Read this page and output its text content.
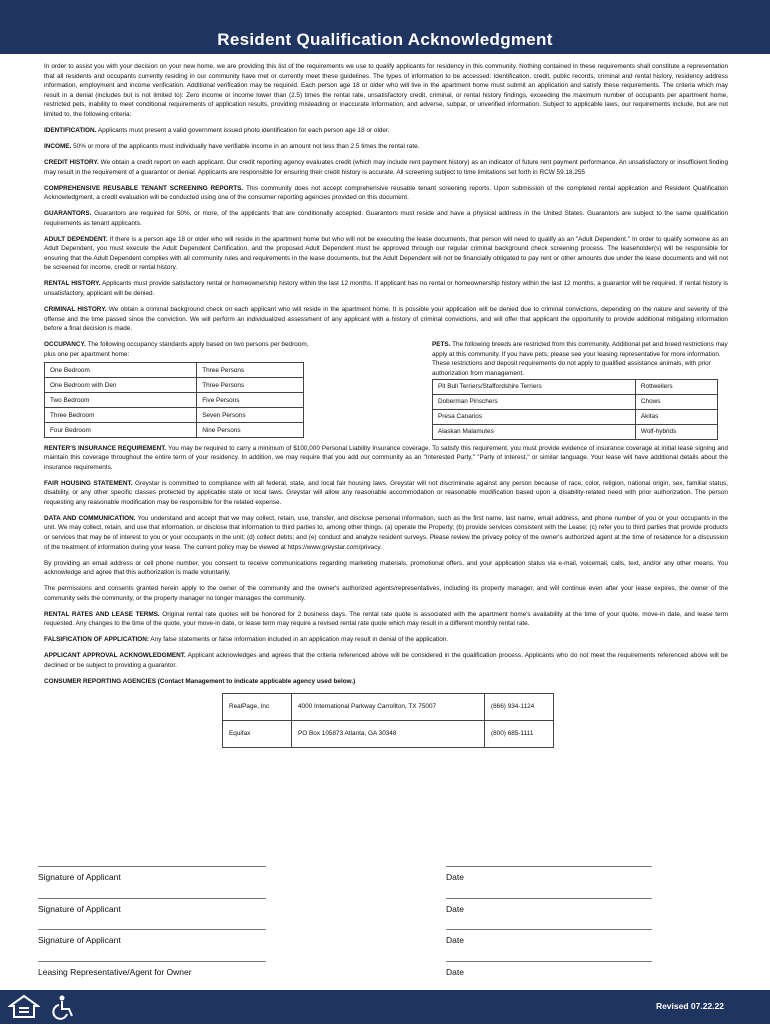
Resident Qualification Acknowledgment

In order to assist you with your decision on your new home, we are providing this list of the requirements we use to qualify applicants for residency in this community. Nothing contained in these requirements shall constitute a representation that all residents and occupants currently residing in our community have met or currently meet these guidelines. The types of information to be accessed: Identification, credit, public records, criminal and rental history, residency address information, employment and income verification. Additional verification may be required. Each person age 18 or older who will live in the apartment home must submit an application and satisfy these requirements. The criteria which may result in a denial (includes but is not limited to): Zero income or income lower than (2.5) times the rental rate, unsatisfactory credit, criminal, or rental history findings, exceeding the maximum number of occupants per apartment home, restricted pets, inability to meet conditional requirements of application results, providing misleading or inaccurate information, and adverse, subpar, or unverified information. Subject to applicable laws, our requirements include, but are not limited to, the following criteria:

IDENTIFICATION. Applicants must present a valid government issued photo identification for each person age 18 or older.

INCOME. 50% or more of the applicants must individually have verifiable income in an amount not less than 2.5 times the rental rate.

CREDIT HISTORY. We obtain a credit report on each applicant. Our credit reporting agency evaluates credit (which may include rent payment history) as an indicator of future rent payment performance. An unsatisfactory or insufficient finding may result in the requirement of a guarantor or denial. Applicants are responsible for ensuring their credit history is accurate. All screening subject to time limitations set forth in RCW 59.18.255

COMPREHENSIVE REUSABLE TENANT SCREENING REPORTS. This community does not accept comprehensive reusable tenant screening reports. Upon submission of the completed rental application and Resident Qualification Acknowledgment, a credit evaluation will be conducted using one of the consumer reporting agencies provided on this document.

GUARANTORS. Guarantors are required for 50%, or more, of the applicants that are conditionally accepted. Guarantors must reside and have a physical address in the United States. Guarantors are subject to the same qualification requirements as tenant applicants.

ADULT DEPENDENT. If there is a person age 18 or older who will reside in the apartment home but who will not be executing the lease documents, that person will need to qualify as an "Adult Dependent." In order to qualify someone as an Adult Dependent, you must execute the Adult Dependent Certification, and the proposed Adult Dependent must be approved through our regular criminal background check screening process. The leaseholder(s) will be responsible for ensuring that the Adult Dependent complies with all community rules and requirements in the lease documents, but the Adult Dependent will not be financially obligated to pay rent or other amounts due under the lease documents and will not be screened for income, credit or rental history.

RENTAL HISTORY. Applicants must provide satisfactory rental or homeownership history within the last 12 months. If applicant has no rental or homeownership history within the last 12 months, a guarantor will be required. If rental history is unsatisfactory, applicant will be denied.

CRIMINAL HISTORY. We obtain a criminal background check on each applicant who will reside in the apartment home. It is possible your application will be denied due to criminal convictions, depending on the nature and severity of the offense and the time passed since the conviction. We will perform an individualized assessment of any applicant with a history of criminal convictions, and will offer that applicant the opportunity to provide additional mitigating information before a final decision is made.

OCCUPANCY. The following occupancy standards apply based on two persons per bedroom, plus one per apartment home:
One Bedroom	Three Persons
One Bedroom with Den	Three Persons
Two Bedroom	Five Persons
Three Bedroom	Seven Persons
Four Bedroom	Nine Persons
PETS. The following breeds are restricted from this community. Additional pet and breed restrictions may apply at this community. If you have pets, please see your leasing representative for more information. These restrictions and deposit requirements do not apply to qualified assistance animals, with prior authorization from management.
Pit Bull Terriers/Staffordshire Terriers	Rottweilers
Doberman Pinschers	Chows
Presa Canarios	Akitas
Alaskan Malamutes	Wolf-hybrids

RENTER'S INSURANCE REQUIREMENT. You may be required to carry a minimum of $100,000 Personal Liability Insurance coverage. To satisfy this requirement, you must provide evidence of insurance coverage at initial lease signing and maintain this coverage throughout the entire term of your residency. In addition, we may require that you add our community as an "Interested Party," "Party of Interest," or similar language. Your lease will have additional details about the insurance requirements.

FAIR HOUSING STATEMENT. Greystar is committed to compliance with all federal, state, and local fair housing laws. Greystar will not discriminate against any person because of race, color, religion, national origin, sex, familial status, disability, or any other specific classes protected by applicable state or local laws. Greystar will allow any reasonable accommodation or reasonable modification based upon a disability-related need with prior authorization. The person requesting any reasonable modification may be responsible for the related expense.

DATA AND COMMUNICATION. You understand and accept that we may collect, retain, use, transfer, and disclose personal information, such as the first name, last name, email address, and phone number of you or your occupants in the unit. We may collect, retain, and use that information, or disclose that information to third parties to, among other things, (a) operate the Property; (b) provide services consistent with the Lease; (c) refer you to third parties that provide products or services that may be of interest to you or your occupants in the unit; (d) collect debts; and (e) conduct and analyze resident surveys. Please review the privacy policy of the owner's authorized agent at the time of residence for a discussion of the treatment of information during your lease. The current policy may be viewed at https://www.greystar.com/privacy.

By providing an email address or cell phone number, you consent to receive communications regarding marketing materials, promotional offers, and your application status via e-mail, voicemail, calls, text, and/or any other means. You acknowledge and agree that this authorization is made voluntarily.

The permissions and consents granted herein apply to the owner of the community and the owner's authorized agents/representatives, including its property manager, and will continue even after your lease expires, the owner of the community sells the community, or the property manager no longer manages the community.

RENTAL RATES AND LEASE TERMS. Original rental rate quotes will be honored for 2 business days. The rental rate quote is associated with the apartment home's availability at the time of your quote, move-in date, and lease term requested. Any changes to the time of the quote, your move-in date, or lease term may require a revised rental rate quote which may result in a different monthly rental rate.

FALSIFICATION OF APPLICATION: Any false statements or false information included in an application may result in denial of the application.

APPLICANT APPROVAL ACKNOWLEDGMENT. Applicant acknowledges and agrees that the criteria referenced above will be considered in the qualification process. Applicants who do not meet the requirements referenced above will be declined or be subject to providing a guarantor.

CONSUMER REPORTING AGENCIES (Contact Management to indicate applicable agency used below.)
RealPage, Inc	4000 International Parkway Carrollton, TX 75007	(866) 934-1124
Equifax	PO Box 105873 Atlanta, GA 30348	(800) 685-1111
Signature of Applicant	Date
Signature of Applicant	Date
Signature of Applicant	Date
Leasing Representative/Agent for Owner	Date
Revised 07.22.22
